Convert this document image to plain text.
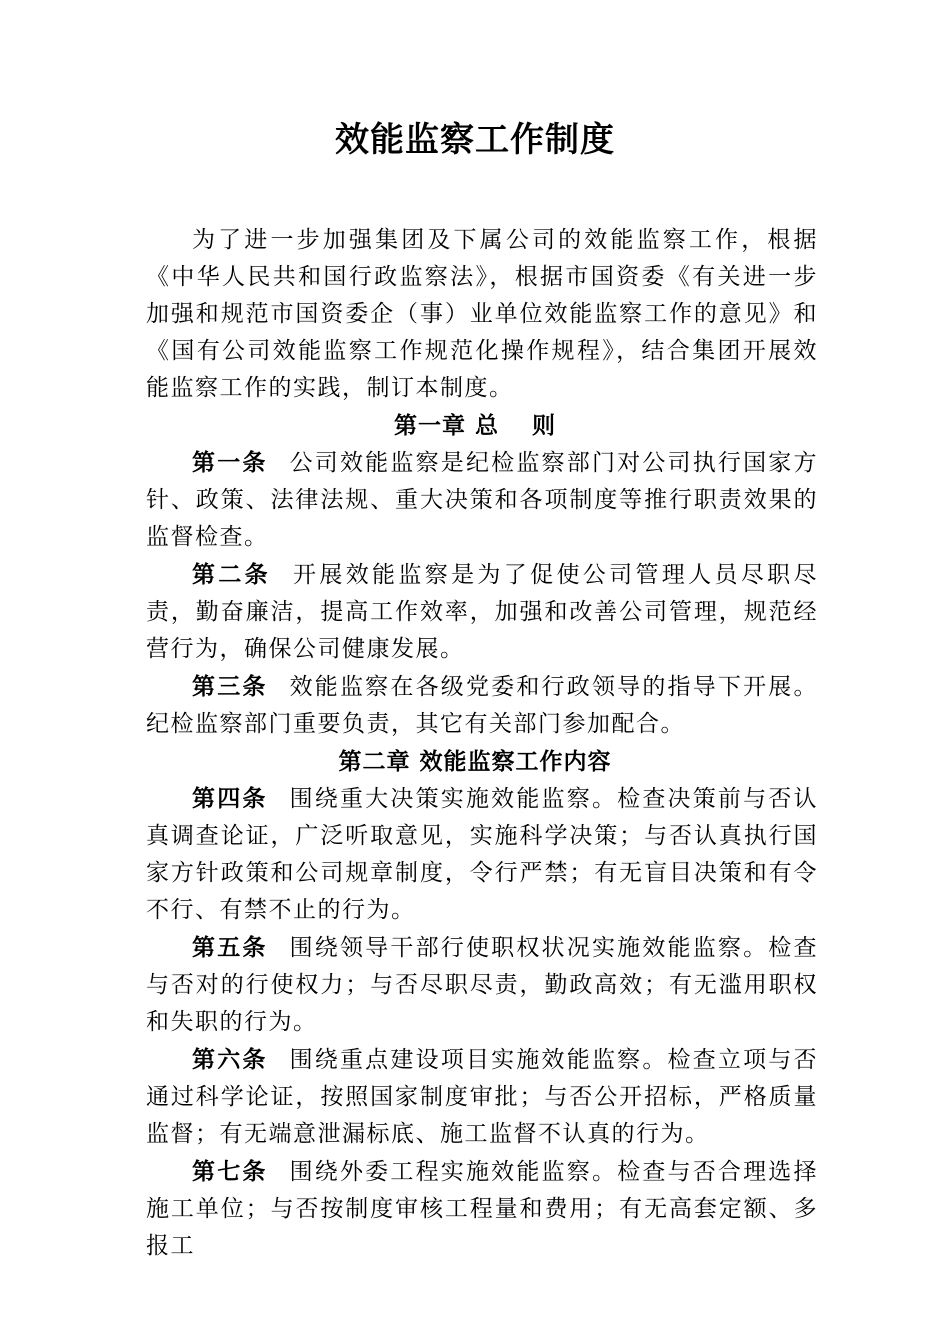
效能监察工作制度

为了进一步加强集团及下属公司的效能监察工作，根据《中华人民共和国行政监察法》，根据市国资委《有关进一步加强和规范市国资委企（事）业单位效能监察工作的意见》和《国有公司效能监察工作规范化操作规程》，结合集团开展效能监察工作的实践，制订本制度。

第一章 总　 则

第一条 公司效能监察是纪检监察部门对公司执行国家方针、政策、法律法规、重大决策和各项制度等推行职责效果的监督检查。

第二条 开展效能监察是为了促使公司管理人员尽职尽责，勤奋廉洁，提高工作效率，加强和改善公司管理，规范经营行为，确保公司健康发展。

第三条 效能监察在各级党委和行政领导的指导下开展。纪检监察部门重要负责，其它有关部门参加配合。

第二章 效能监察工作内容

第四条 围绕重大决策实施效能监察。检查决策前与否认真调查论证，广泛听取意见，实施科学决策；与否认真执行国家方针政策和公司规章制度，令行严禁；有无盲目决策和有令不行、有禁不止的行为。

第五条 围绕领导干部行使职权状况实施效能监察。检查与否对的行使权力；与否尽职尽责，勤政高效；有无滥用职权和失职的行为。

第六条 围绕重点建设项目实施效能监察。检查立项与否通过科学论证，按照国家制度审批；与否公开招标，严格质量监督；有无端意泄漏标底、施工监督不认真的行为。

第七条 围绕外委工程实施效能监察。检查与否合理选择施工单位；与否按制度审核工程量和费用；有无高套定额、多报工
